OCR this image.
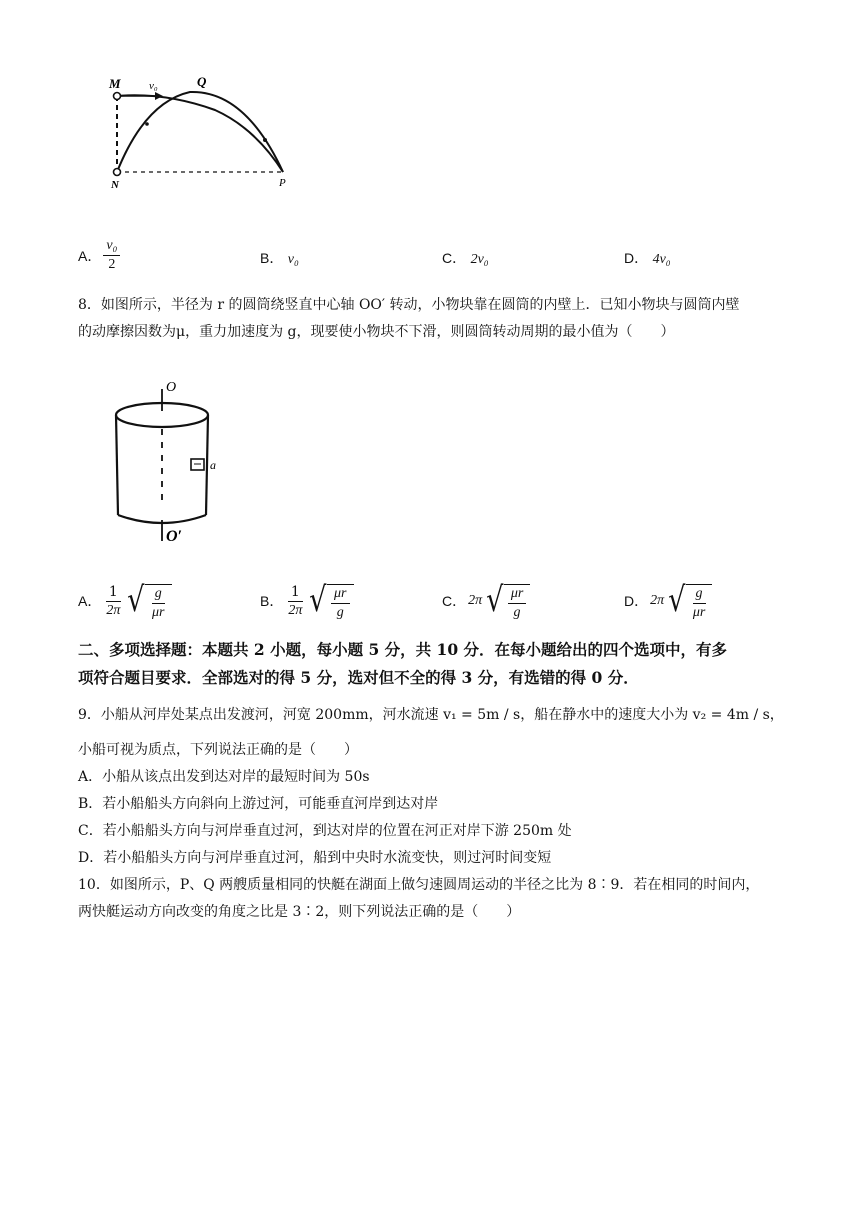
M	v₀	Q
N	P
A． $\frac{\text{v₀}}{2}$	B． v₀	C． 2v₀	D． 4v₀
8．如图所示，半径为 r 的圆筒绕竖直中心轴 OO′ 转动，小物块靠在圆筒的内壁上．已知小物块与圆筒内壁
的动摩擦因数为μ，重力加速度为 g，现要使小物块不下滑，则圆筒转动周期的最小值为（　　）
O
a
O′
A． $\frac{1}{2\pi}$ √ $\frac{g}{\mu r}$	B． $\frac{1}{2\pi}$ √ $\frac{\mu r}{g}$	C． 2π √ $\frac{\mu r}{g}$	D． 2π √ $\frac{g}{\mu r}$
二、多项选择题：本题共 2 小题，每小题 5 分，共 10 分．在每小题给出的四个选项中，有多
项符合题目要求．全部选对的得 5 分，选对但不全的得 3 分，有选错的得 0 分．
9．小船从河岸处某点出发渡河，河宽 200mm，河水流速 v₁ = 5m / s，船在静水中的速度大小为 v₂ = 4m / s，
小船可视为质点，下列说法正确的是（　　）
A．小船从该点出发到达对岸的最短时间为 50s
B．若小船船头方向斜向上游过河，可能垂直河岸到达对岸
C．若小船船头方向与河岸垂直过河，到达对岸的位置在河正对岸下游 250m 处
D．若小船船头方向与河岸垂直过河，船到中央时水流变快，则过河时间变短
10．如图所示，P、Q 两艘质量相同的快艇在湖面上做匀速圆周运动的半径之比为 8∶9．若在相同的时间内，
两快艇运动方向改变的角度之比是 3∶2，则下列说法正确的是（　　）
